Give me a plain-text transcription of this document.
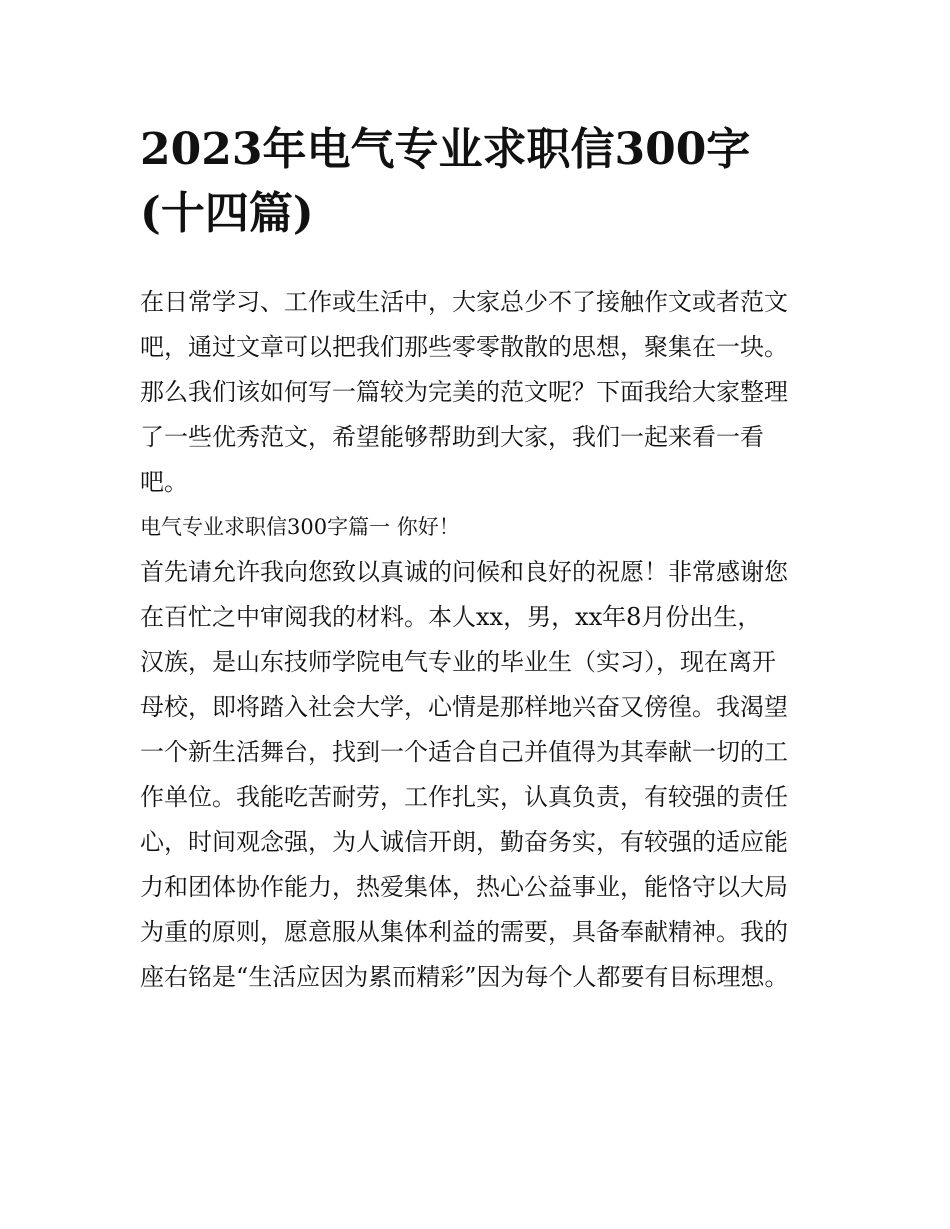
2023年电气专业求职信300字
(十四篇)
在日常学习、工作或生活中，大家总少不了接触作文或者范文
吧，通过文章可以把我们那些零零散散的思想，聚集在一块。
那么我们该如何写一篇较为完美的范文呢？下面我给大家整理
了一些优秀范文，希望能够帮助到大家，我们一起来看一看
吧。
电气专业求职信300字篇一 你好！
首先请允许我向您致以真诚的问候和良好的祝愿！非常感谢您
在百忙之中审阅我的材料。本人xx，男，xx年8月份出生，
汉族，是山东技师学院电气专业的毕业生（实习），现在离开
母校，即将踏入社会大学，心情是那样地兴奋又傍徨。我渴望
一个新生活舞台，找到一个适合自己并值得为其奉献一切的工
作单位。我能吃苦耐劳，工作扎实，认真负责，有较强的责任
心，时间观念强，为人诚信开朗，勤奋务实，有较强的适应能
力和团体协作能力，热爱集体，热心公益事业，能恪守以大局
为重的原则，愿意服从集体利益的需要，具备奉献精神。我的
座右铭是“生活应因为累而精彩”因为每个人都要有目标理想。
